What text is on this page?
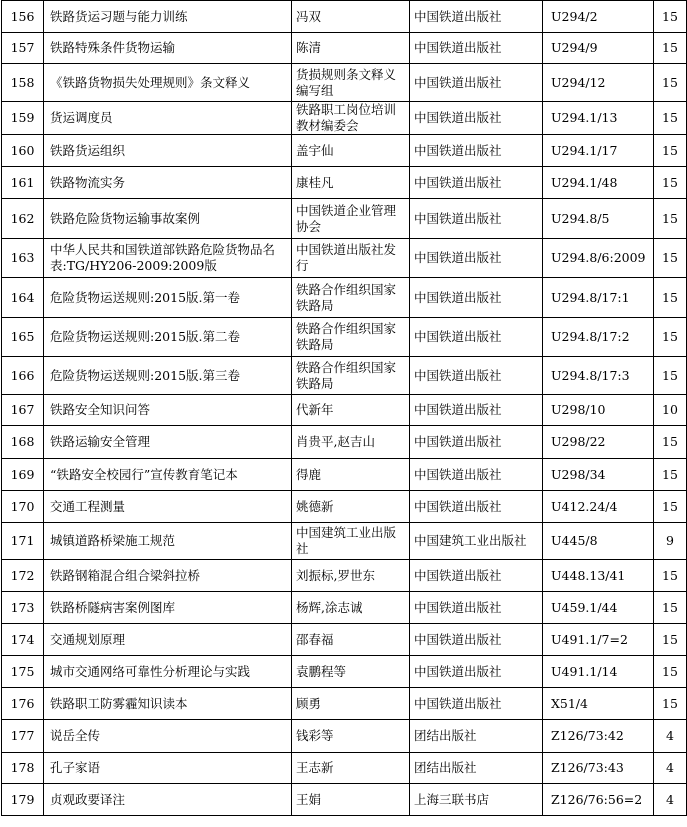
156	铁路货运习题与能力训练	冯双	中国铁道出版社	U294/2	15
157	铁路特殊条件货物运输	陈清	中国铁道出版社	U294/9	15
158	《铁路货物损失处理规则》条文释义	货损规则条文释义编写组	中国铁道出版社	U294/12	15
159	货运调度员	铁路职工岗位培训教材编委会	中国铁道出版社	U294.1/13	15
160	铁路货运组织	盖宇仙	中国铁道出版社	U294.1/17	15
161	铁路物流实务	康桂凡	中国铁道出版社	U294.1/48	15
162	铁路危险货物运输事故案例	中国铁道企业管理协会	中国铁道出版社	U294.8/5	15
163	中华人民共和国铁道部铁路危险货物品名表:TG/HY206-2009:2009版	中国铁道出版社发行	中国铁道出版社	U294.8/6:2009	15
164	危险货物运送规则:2015版.第一卷	铁路合作组织国家铁路局	中国铁道出版社	U294.8/17:1	15
165	危险货物运送规则:2015版.第二卷	铁路合作组织国家铁路局	中国铁道出版社	U294.8/17:2	15
166	危险货物运送规则:2015版.第三卷	铁路合作组织国家铁路局	中国铁道出版社	U294.8/17:3	15
167	铁路安全知识问答	代新年	中国铁道出版社	U298/10	10
168	铁路运输安全管理	肖贵平,赵吉山	中国铁道出版社	U298/22	15
169	“铁路安全校园行”宣传教育笔记本	得鹿	中国铁道出版社	U298/34	15
170	交通工程测量	姚德新	中国铁道出版社	U412.24/4	15
171	城镇道路桥梁施工规范	中国建筑工业出版社	中国建筑工业出版社	U445/8	9
172	铁路钢箱混合组合梁斜拉桥	刘振标,罗世东	中国铁道出版社	U448.13/41	15
173	铁路桥隧病害案例图库	杨辉,涂志诚	中国铁道出版社	U459.1/44	15
174	交通规划原理	邵春福	中国铁道出版社	U491.1/7=2	15
175	城市交通网络可靠性分析理论与实践	袁鹏程等	中国铁道出版社	U491.1/14	15
176	铁路职工防雾霾知识读本	顾勇	中国铁道出版社	X51/4	15
177	说岳全传	钱彩等	团结出版社	Z126/73:42	4
178	孔子家语	王志新	团结出版社	Z126/73:43	4
179	贞观政要译注	王娟	上海三联书店	Z126/76:56=2	4
